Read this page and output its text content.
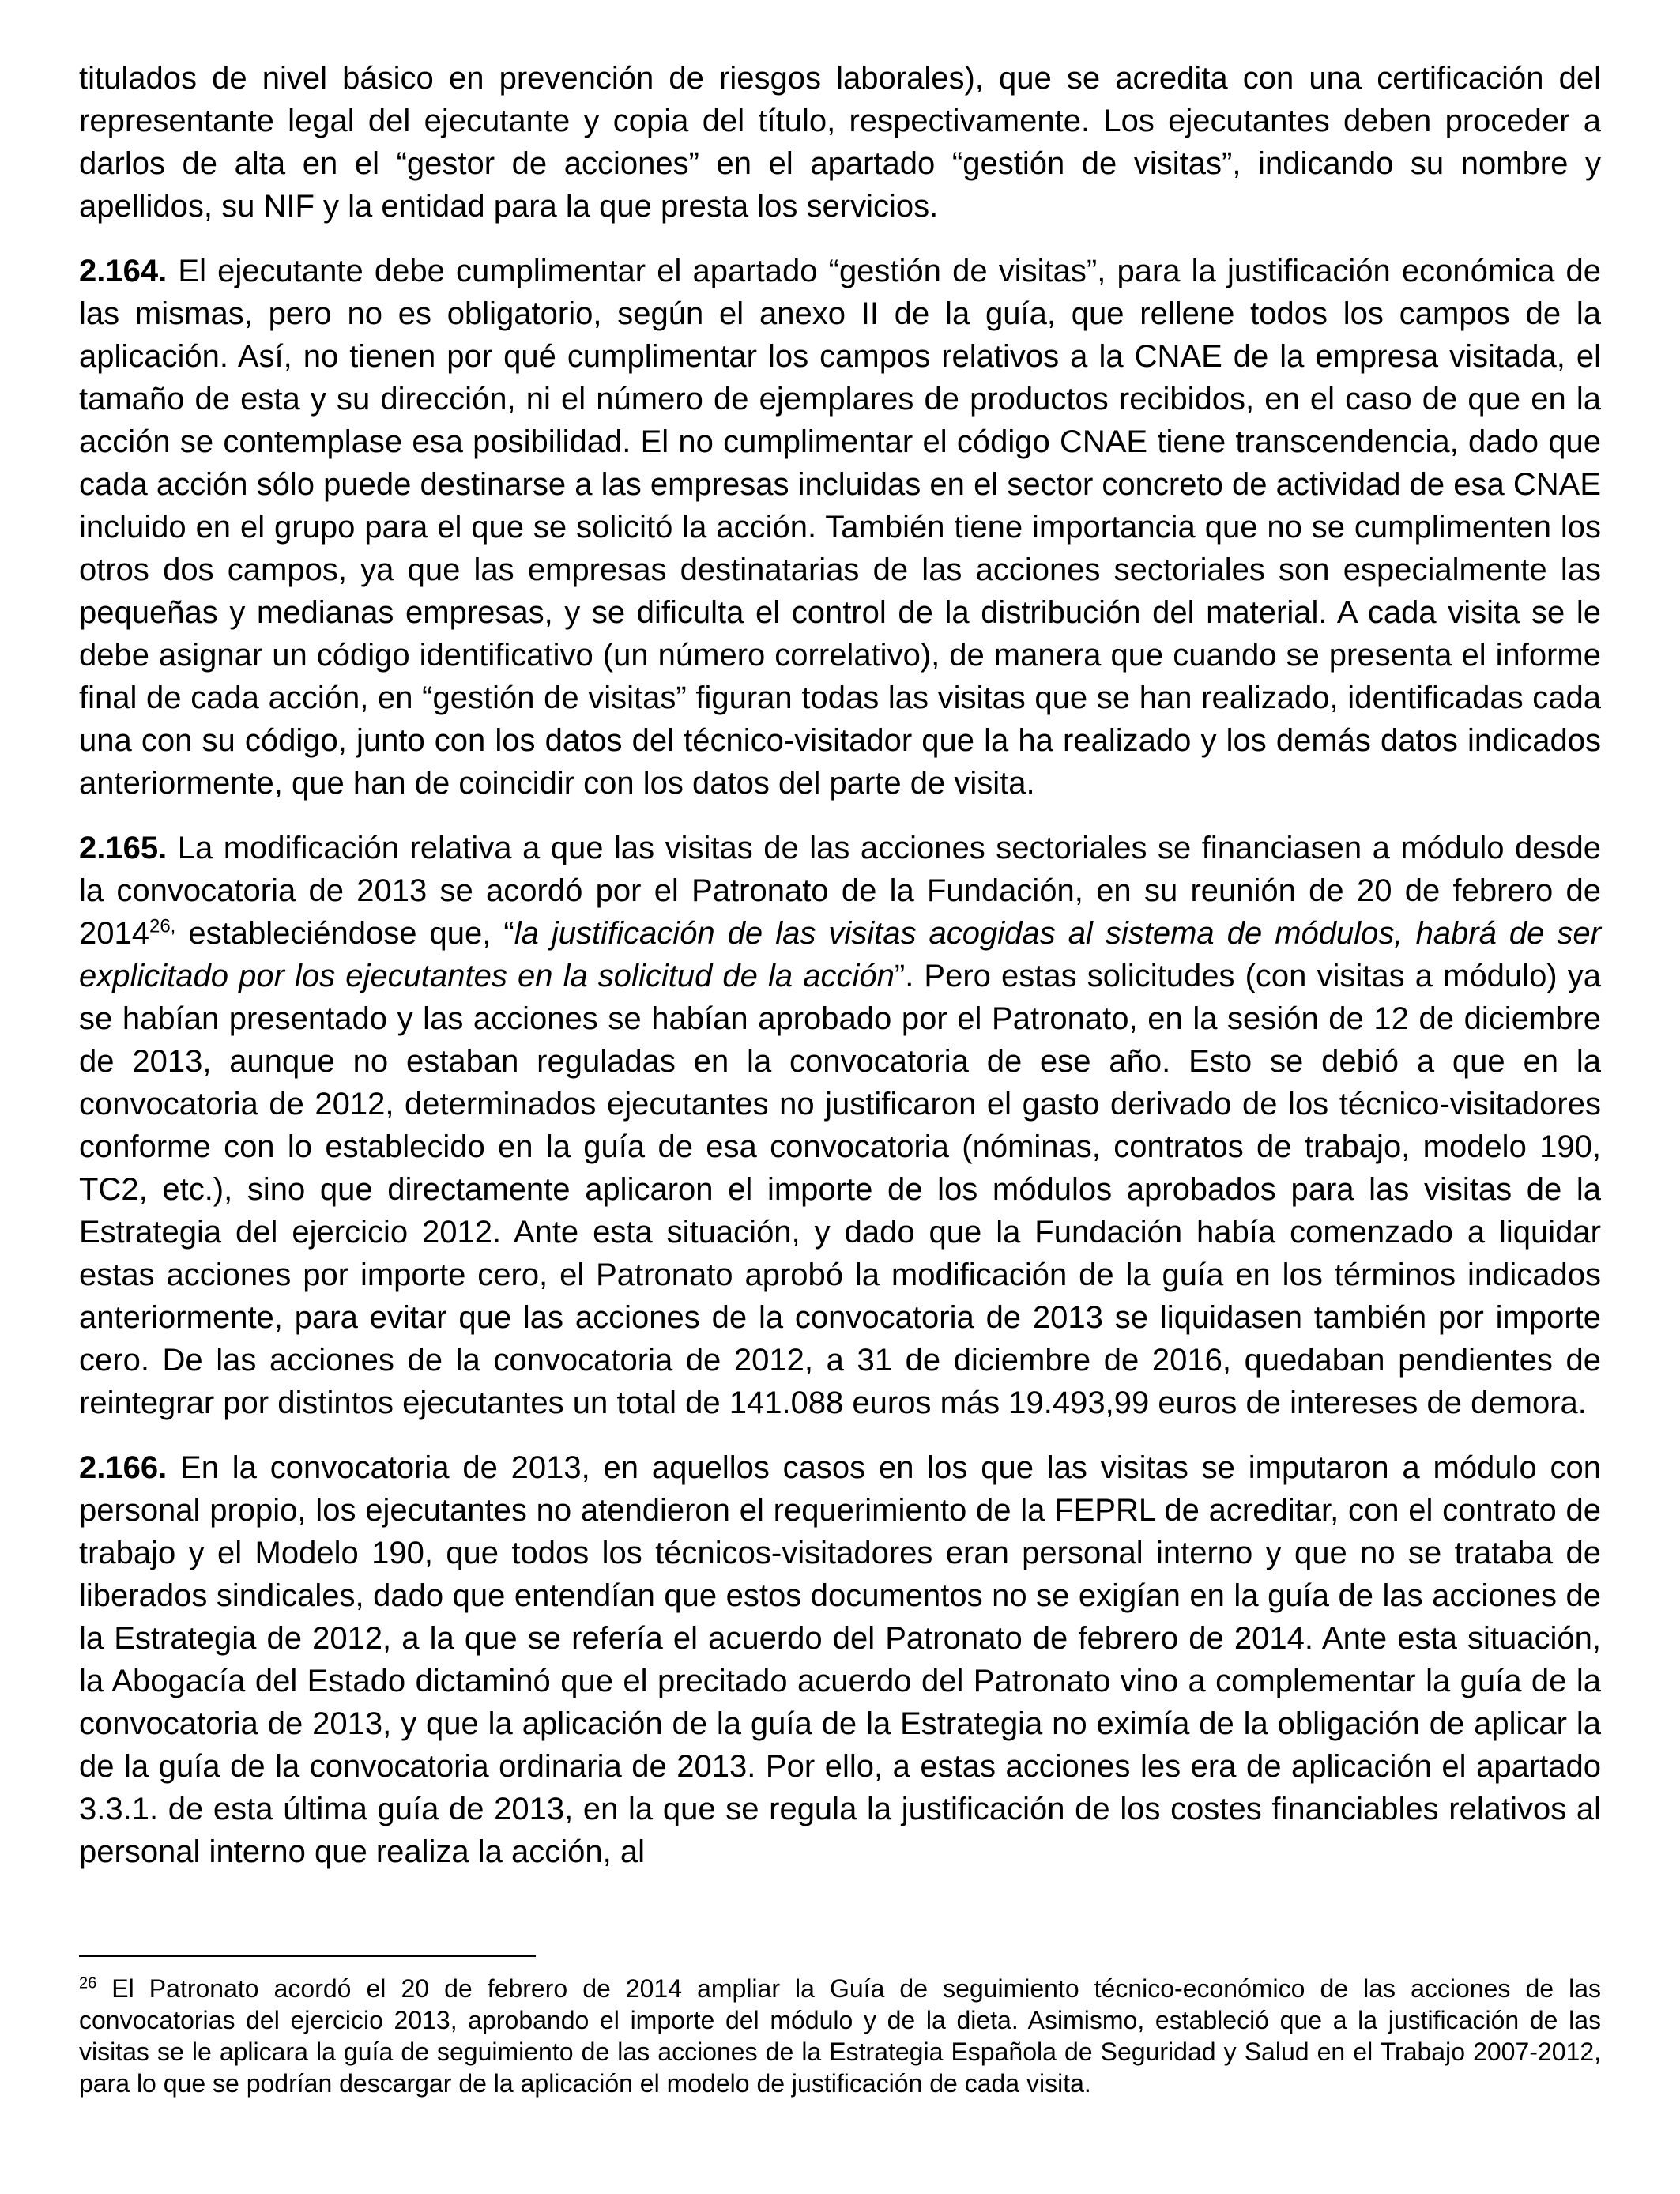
titulados de nivel básico en prevención de riesgos laborales), que se acredita con una certificación del representante legal del ejecutante y copia del título, respectivamente. Los ejecutantes deben proceder a darlos de alta en el “gestor de acciones” en el apartado “gestión de visitas”, indicando su nombre y apellidos, su NIF y la entidad para la que presta los servicios.

2.164. El ejecutante debe cumplimentar el apartado “gestión de visitas”, para la justificación económica de las mismas, pero no es obligatorio, según el anexo II de la guía, que rellene todos los campos de la aplicación. Así, no tienen por qué cumplimentar los campos relativos a la CNAE de la empresa visitada, el tamaño de esta y su dirección, ni el número de ejemplares de productos recibidos, en el caso de que en la acción se contemplase esa posibilidad. El no cumplimentar el código CNAE tiene transcendencia, dado que cada acción sólo puede destinarse a las empresas incluidas en el sector concreto de actividad de esa CNAE incluido en el grupo para el que se solicitó la acción. También tiene importancia que no se cumplimenten los otros dos campos, ya que las empresas destinatarias de las acciones sectoriales son especialmente las pequeñas y medianas empresas, y se dificulta el control de la distribución del material. A cada visita se le debe asignar un código identificativo (un número correlativo), de manera que cuando se presenta el informe final de cada acción, en “gestión de visitas” figuran todas las visitas que se han realizado, identificadas cada una con su código, junto con los datos del técnico-visitador que la ha realizado y los demás datos indicados anteriormente, que han de coincidir con los datos del parte de visita.

2.165. La modificación relativa a que las visitas de las acciones sectoriales se financiasen a módulo desde la convocatoria de 2013 se acordó por el Patronato de la Fundación, en su reunión de 20 de febrero de $2014^{26,}$ estableciéndose que, “la justificación de las visitas acogidas al sistema de módulos, habrá de ser explicitado por los ejecutantes en la solicitud de la acción”. Pero estas solicitudes (con visitas a módulo) ya se habían presentado y las acciones se habían aprobado por el Patronato, en la sesión de 12 de diciembre de 2013, aunque no estaban reguladas en la convocatoria de ese año. Esto se debió a que en la convocatoria de 2012, determinados ejecutantes no justificaron el gasto derivado de los técnico-visitadores conforme con lo establecido en la guía de esa convocatoria (nóminas, contratos de trabajo, modelo 190, TC2, etc.), sino que directamente aplicaron el importe de los módulos aprobados para las visitas de la Estrategia del ejercicio 2012. Ante esta situación, y dado que la Fundación había comenzado a liquidar estas acciones por importe cero, el Patronato aprobó la modificación de la guía en los términos indicados anteriormente, para evitar que las acciones de la convocatoria de 2013 se liquidasen también por importe cero. De las acciones de la convocatoria de 2012, a 31 de diciembre de 2016, quedaban pendientes de reintegrar por distintos ejecutantes un total de 141.088 euros más 19.493,99 euros de intereses de demora.

2.166. En la convocatoria de 2013, en aquellos casos en los que las visitas se imputaron a módulo con personal propio, los ejecutantes no atendieron el requerimiento de la FEPRL de acreditar, con el contrato de trabajo y el Modelo 190, que todos los técnicos-visitadores eran personal interno y que no se trataba de liberados sindicales, dado que entendían que estos documentos no se exigían en la guía de las acciones de la Estrategia de 2012, a la que se refería el acuerdo del Patronato de febrero de 2014. Ante esta situación, la Abogacía del Estado dictaminó que el precitado acuerdo del Patronato vino a complementar la guía de la convocatoria de 2013, y que la aplicación de la guía de la Estrategia no eximía de la obligación de aplicar la de la guía de la convocatoria ordinaria de 2013. Por ello, a estas acciones les era de aplicación el apartado 3.3.1. de esta última guía de 2013, en la que se regula la justificación de los costes financiables relativos al personal interno que realiza la acción, al

$^{26}$ El Patronato acordó el 20 de febrero de 2014 ampliar la Guía de seguimiento técnico-económico de las acciones de las convocatorias del ejercicio 2013, aprobando el importe del módulo y de la dieta. Asimismo, estableció que a la justificación de las visitas se le aplicara la guía de seguimiento de las acciones de la Estrategia Española de Seguridad y Salud en el Trabajo 2007-2012, para lo que se podrían descargar de la aplicación el modelo de justificación de cada visita.
